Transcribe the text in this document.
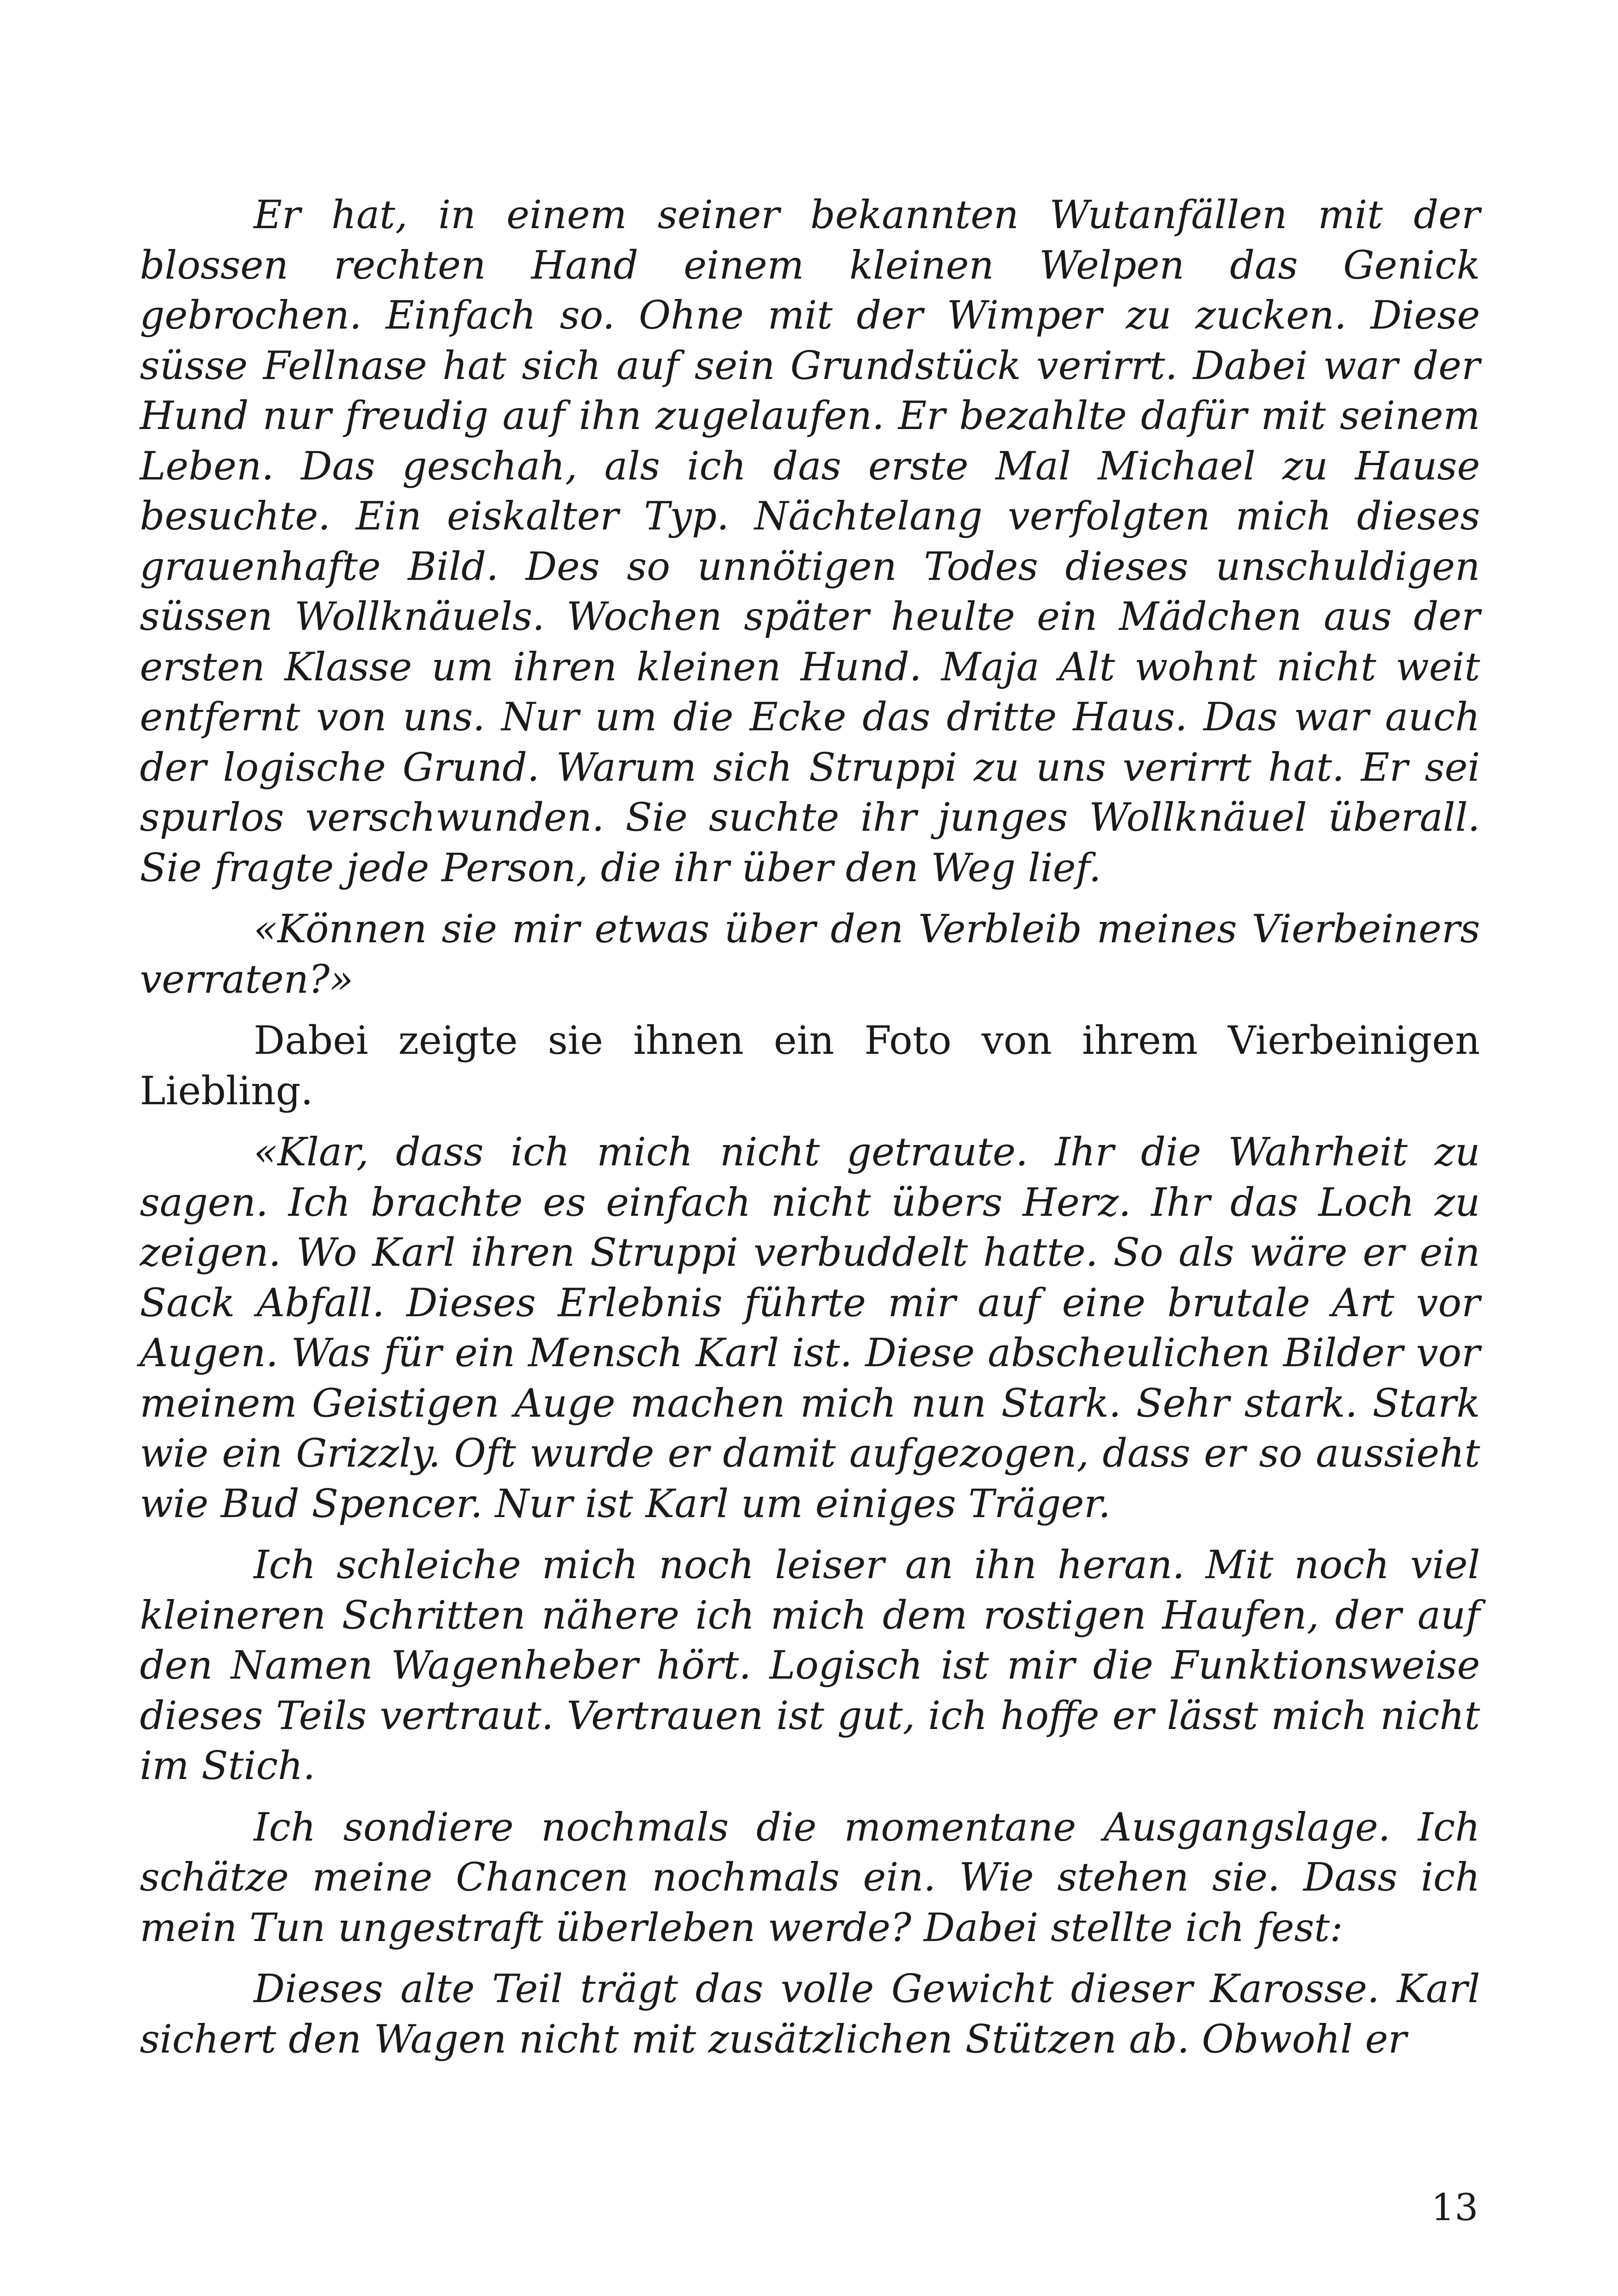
Er hat, in einem seiner bekannten Wutanfällen mit der blossen rechten Hand einem kleinen Welpen das Genick gebrochen. Einfach so. Ohne mit der Wimper zu zucken. Diese süsse Fellnase hat sich auf sein Grundstück verirrt. Dabei war der Hund nur freudig auf ihn zugelaufen. Er bezahlte dafür mit seinem Leben. Das geschah, als ich das erste Mal Michael zu Hause besuchte. Ein eiskalter Typ. Nächtelang verfolgten mich dieses grauenhafte Bild. Des so unnötigen Todes dieses unschuldigen süssen Wollknäuels. Wochen später heulte ein Mädchen aus der ersten Klasse um ihren kleinen Hund. Maja Alt wohnt nicht weit entfernt von uns. Nur um die Ecke das dritte Haus. Das war auch der logische Grund. Warum sich Struppi zu uns verirrt hat. Er sei spurlos verschwunden. Sie suchte ihr junges Wollknäuel überall. Sie fragte jede Person, die ihr über den Weg lief.

«Können sie mir etwas über den Verbleib meines Vierbeiners verraten?»

Dabei zeigte sie ihnen ein Foto von ihrem Vierbeinigen Liebling.

«Klar, dass ich mich nicht getraute. Ihr die Wahrheit zu sagen. Ich brachte es einfach nicht übers Herz. Ihr das Loch zu zeigen. Wo Karl ihren Struppi verbuddelt hatte. So als wäre er ein Sack Abfall. Dieses Erlebnis führte mir auf eine brutale Art vor Augen. Was für ein Mensch Karl ist. Diese abscheulichen Bilder vor meinem Geistigen Auge machen mich nun Stark. Sehr stark. Stark wie ein Grizzly. Oft wurde er damit aufgezogen, dass er so aussieht wie Bud Spencer. Nur ist Karl um einiges Träger.

Ich schleiche mich noch leiser an ihn heran. Mit noch viel kleineren Schritten nähere ich mich dem rostigen Haufen, der auf den Namen Wagenheber hört. Logisch ist mir die Funktionsweise dieses Teils vertraut. Vertrauen ist gut, ich hoffe er lässt mich nicht im Stich.

Ich sondiere nochmals die momentane Ausgangslage. Ich schätze meine Chancen nochmals ein. Wie stehen sie. Dass ich mein Tun ungestraft überleben werde? Dabei stellte ich fest:

Dieses alte Teil trägt das volle Gewicht dieser Karosse. Karl sichert den Wagen nicht mit zusätzlichen Stützen ab. Obwohl er

13
